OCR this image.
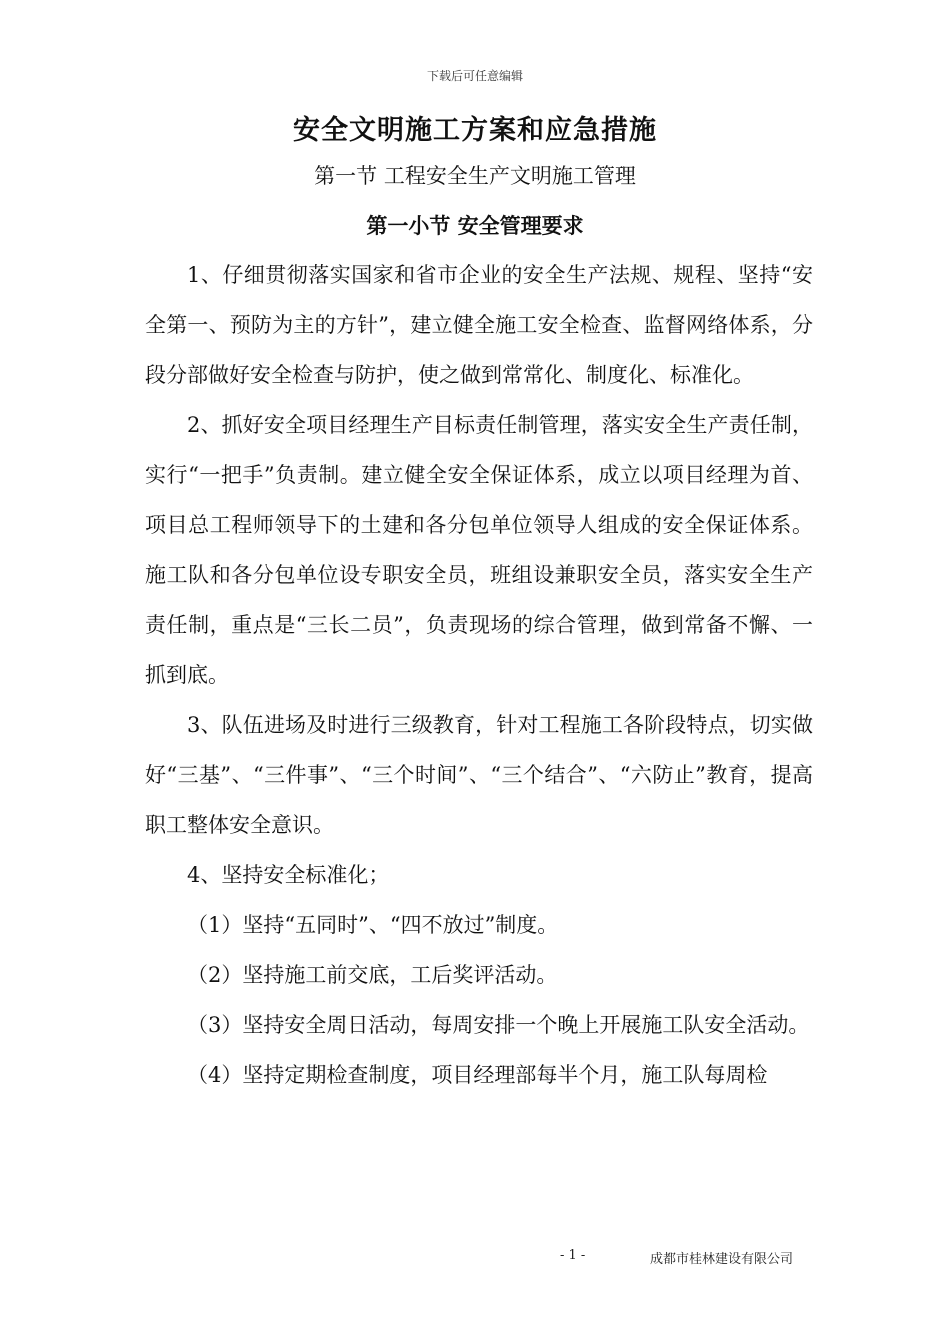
下载后可任意编辑
安全文明施工方案和应急措施
第一节 工程安全生产文明施工管理
第一小节 安全管理要求

1、仔细贯彻落实国家和省市企业的安全生产法规、规程、坚持“安全第一、预防为主的方针”，建立健全施工安全检查、监督网络体系，分段分部做好安全检查与防护，使之做到常常化、制度化、标准化。

2、抓好安全项目经理生产目标责任制管理，落实安全生产责任制，实行“一把手”负责制。建立健全安全保证体系，成立以项目经理为首、项目总工程师领导下的土建和各分包单位领导人组成的安全保证体系。施工队和各分包单位设专职安全员，班组设兼职安全员，落实安全生产责任制，重点是“三长二员”，负责现场的综合管理，做到常备不懈、一抓到底。

3、队伍进场及时进行三级教育，针对工程施工各阶段特点，切实做好“三基”、“三件事”、“三个时间”、“三个结合”、“六防止”教育，提高职工整体安全意识。

4、坚持安全标准化；

（1）坚持“五同时”、“四不放过”制度。

（2）坚持施工前交底，工后奖评活动。

（3）坚持安全周日活动，每周安排一个晚上开展施工队安全活动。

（4）坚持定期检查制度，项目经理部每半个月，施工队每周检

- 1 -	成都市桂林建设有限公司
